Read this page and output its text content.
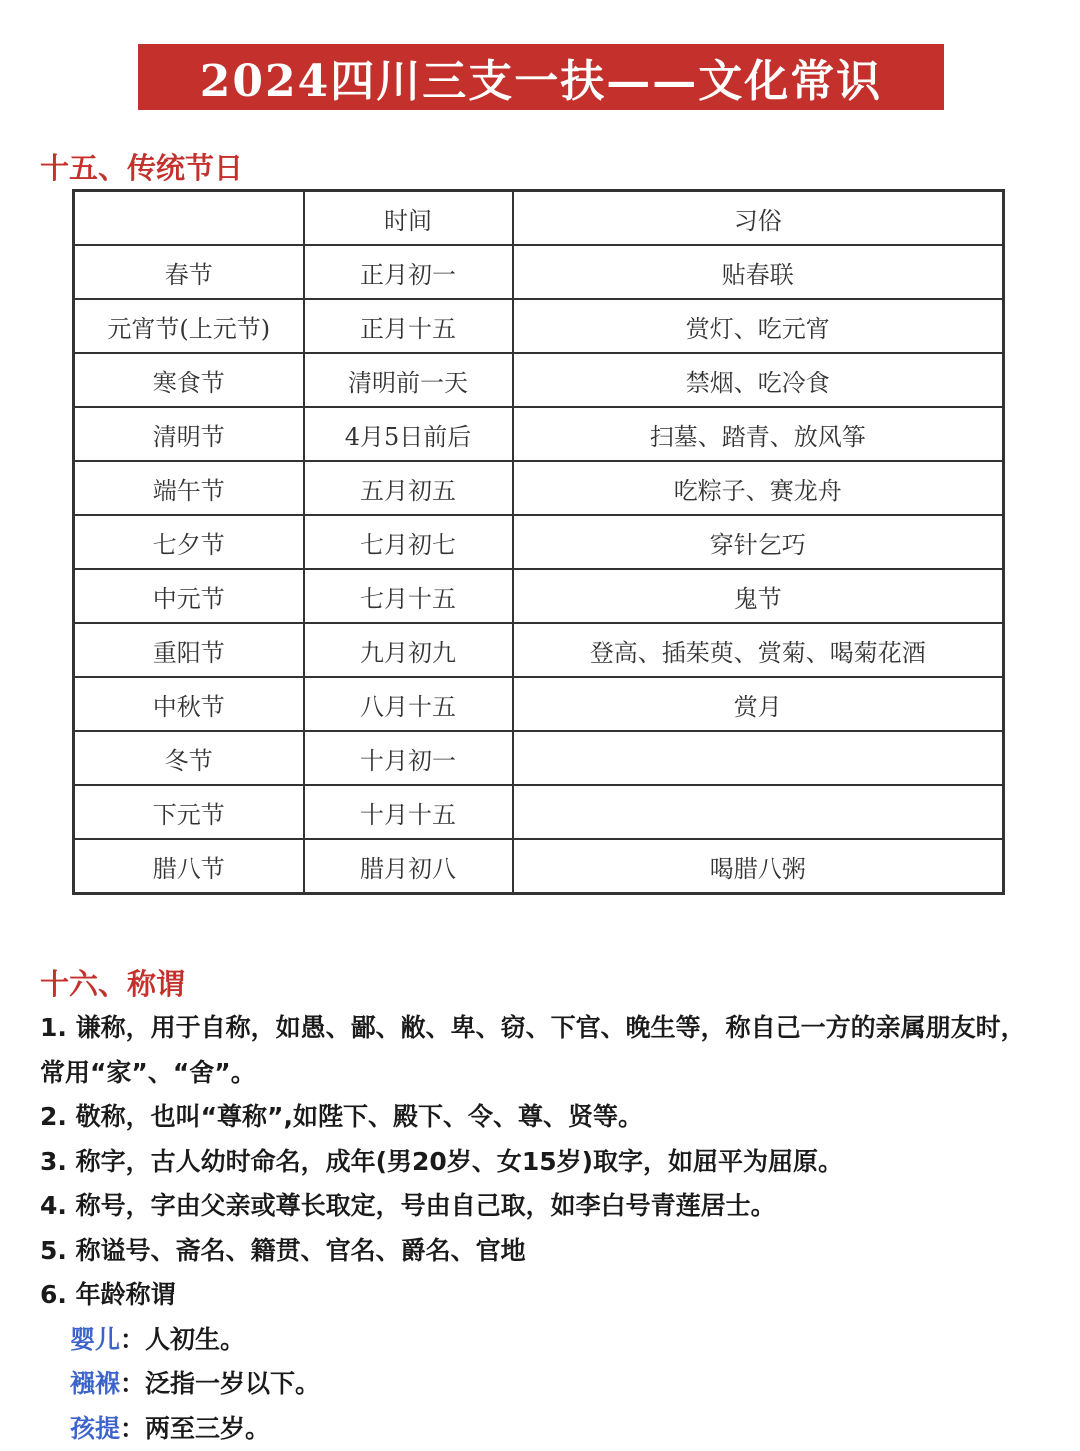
2024四川三支一扶——文化常识
十五、传统节日
	时间	习俗
春节	正月初一	贴春联
元宵节(上元节)	正月十五	赏灯、吃元宵
寒食节	清明前一天	禁烟、吃冷食
清明节	4月5日前后	扫墓、踏青、放风筝
端午节	五月初五	吃粽子、赛龙舟
七夕节	七月初七	穿针乞巧
中元节	七月十五	鬼节
重阳节	九月初九	登高、插茱萸、赏菊、喝菊花酒
中秋节	八月十五	赏月
冬节	十月初一	
下元节	十月十五	
腊八节	腊月初八	喝腊八粥
十六、称谓

1. 谦称，用于自称，如愚、鄙、敝、卑、窃、下官、晚生等，称自己一方的亲属朋友时，常用“家”、“舍”。

2. 敬称，也叫“尊称”,如陛下、殿下、令、尊、贤等。

3. 称字，古人幼时命名，成年(男20岁、女15岁)取字，如屈平为屈原。

4. 称号，字由父亲或尊长取定，号由自己取，如李白号青莲居士。

5. 称谥号、斋名、籍贯、官名、爵名、官地

6. 年龄称谓

婴儿：人初生。

襁褓：泛指一岁以下。

孩提：两至三岁。
